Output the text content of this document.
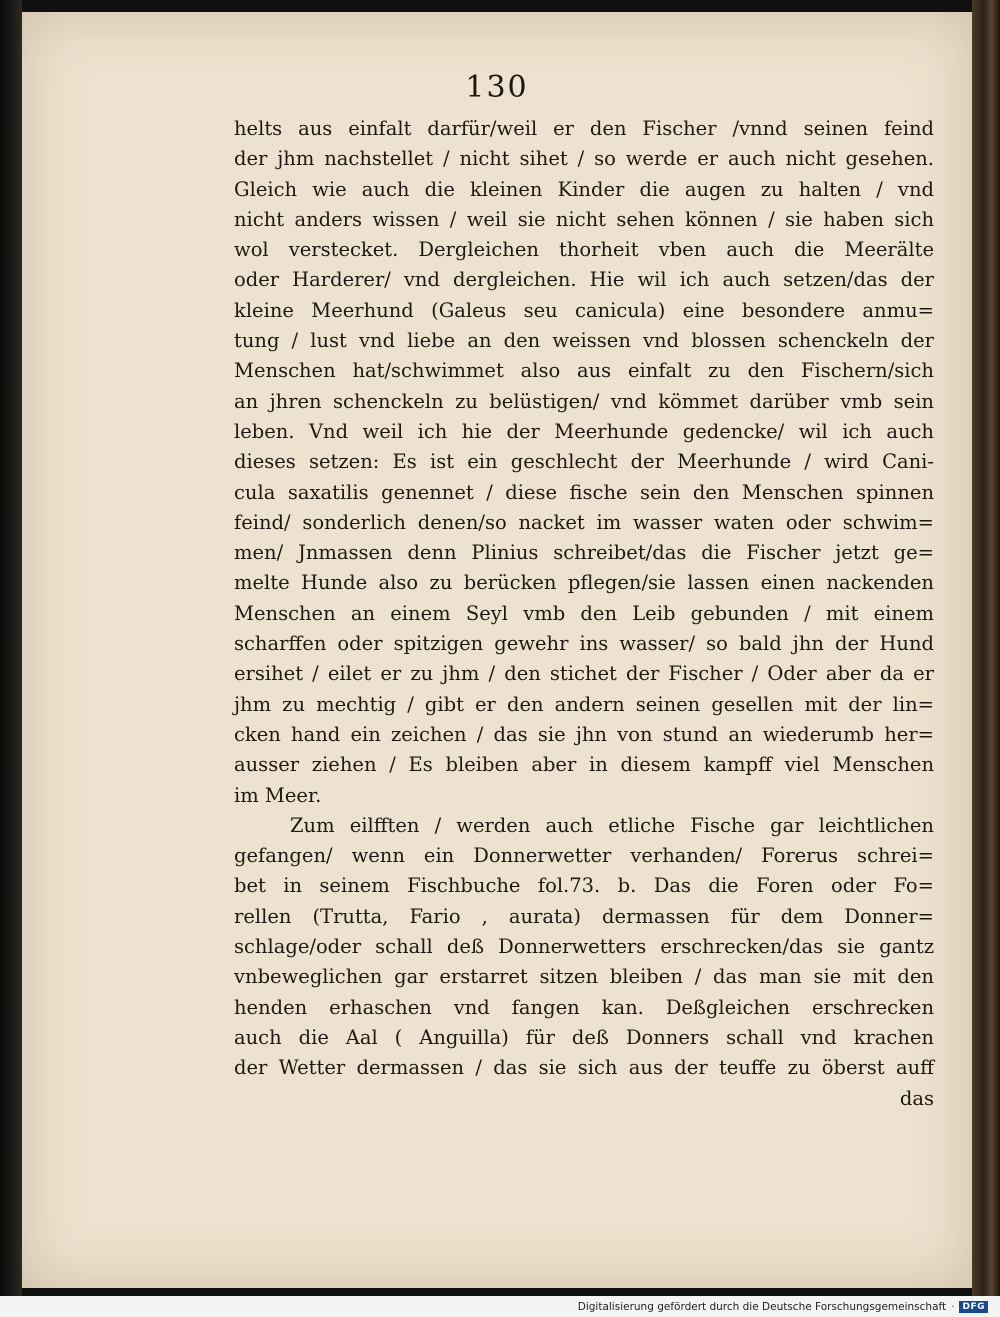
130
helts aus einfalt darfür/weil er den Fischer /vnnd seinen feind
der jhm nachstellet / nicht sihet / so werde er auch nicht gesehen.
Gleich wie auch die kleinen Kinder die augen zu halten / vnd
nicht anders wissen / weil sie nicht sehen können / sie haben sich
wol verstecket. Dergleichen thorheit vben auch die Meerälte
oder Harderer/ vnd dergleichen. Hie wil ich auch setzen/das der
kleine Meerhund (Galeus seu canicula) eine besondere anmu=
tung / lust vnd liebe an den weissen vnd blossen schenckeln der
Menschen hat/schwimmet also aus einfalt zu den Fischern/sich
an jhren schenckeln zu belüstigen/ vnd kömmet darüber vmb sein
leben. Vnd weil ich hie der Meerhunde gedencke/ wil ich auch
dieses setzen: Es ist ein geschlecht der Meerhunde / wird Cani-
cula saxatilis genennet / diese fische sein den Menschen spinnen
feind/ sonderlich denen/so nacket im wasser waten oder schwim=
men/ Jnmassen denn Plinius schreibet/das die Fischer jetzt ge=
melte Hunde also zu berücken pflegen/sie lassen einen nackenden
Menschen an einem Seyl vmb den Leib gebunden / mit einem
scharffen oder spitzigen gewehr ins wasser/ so bald jhn der Hund
ersihet / eilet er zu jhm / den stichet der Fischer / Oder aber da er
jhm zu mechtig / gibt er den andern seinen gesellen mit der lin=
cken hand ein zeichen / das sie jhn von stund an wiederumb her=
ausser ziehen / Es bleiben aber in diesem kampff viel Menschen
im Meer.
Zum eilfften / werden auch etliche Fische gar leichtlichen
gefangen/ wenn ein Donnerwetter verhanden/ Forerus schrei=
bet in seinem Fischbuche fol.73. b. Das die Foren oder Fo=
rellen (Trutta, Fario , aurata) dermassen für dem Donner=
schlage/oder schall deß Donnerwetters erschrecken/das sie gantz
vnbeweglichen gar erstarret sitzen bleiben / das man sie mit den
henden erhaschen vnd fangen kan. Deßgleichen erschrecken
auch die Aal ( Anguilla) für deß Donners schall vnd krachen
der Wetter dermassen / das sie sich aus der teuffe zu öberst auff
das
Digitalisierung gefördert durch die Deutsche Forschungsgemeinschaft · DFG
